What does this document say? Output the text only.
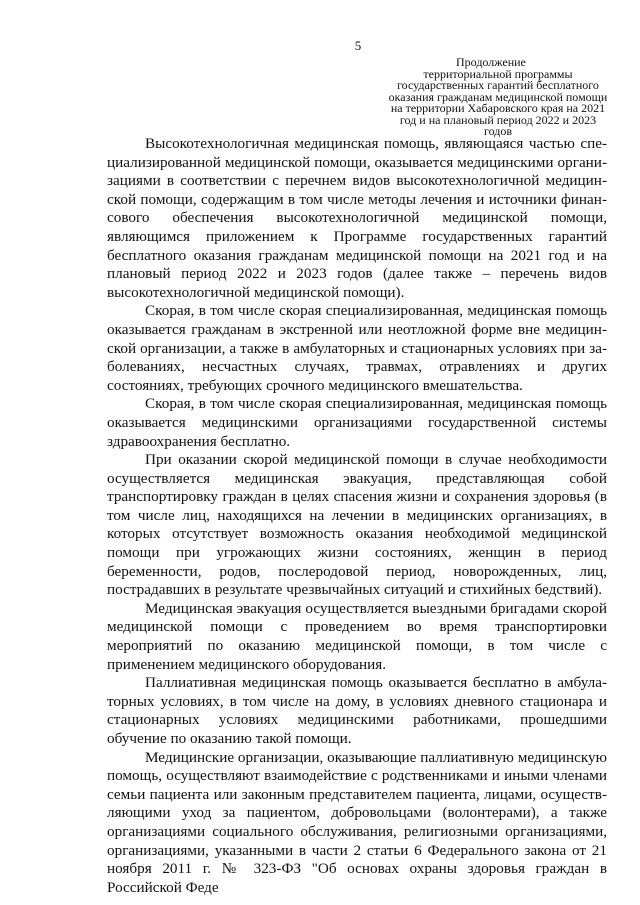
5
Продолжение
территориальной программы государственных гарантий бесплатного оказания гражданам медицинской помощи на территории Хабаровского края на 2021 год и на плановый период 2022 и 2023 годов

Высокотехнологичная медицинская помощь, являющаяся частью специализированной медицинской помощи, оказывается медицинскими организациями в соответствии с перечнем видов высокотехнологичной медицинской помощи, содержащим в том числе методы лечения и источники финансового обеспечения высокотехнологичной медицинской помощи, являющимся приложением к Программе государственных гарантий бесплатного оказания гражданам медицинской помощи на 2021 год и на плановый период 2022 и 2023 годов (далее также – перечень видов высокотехнологичной медицинской помощи).

Скорая, в том числе скорая специализированная, медицинская помощь оказывается гражданам в экстренной или неотложной форме вне медицинской организации, а также в амбулаторных и стационарных условиях при заболеваниях, несчастных случаях, травмах, отравлениях и других состояниях, требующих срочного медицинского вмешательства.

Скорая, в том числе скорая специализированная, медицинская помощь оказывается медицинскими организациями государственной системы здравоохранения бесплатно.

При оказании скорой медицинской помощи в случае необходимости осуществляется медицинская эвакуация, представляющая собой транспортировку граждан в целях спасения жизни и сохранения здоровья (в том числе лиц, находящихся на лечении в медицинских организациях, в которых отсутствует возможность оказания необходимой медицинской помощи при угрожающих жизни состояниях, женщин в период беременности, родов, послеродовой период, новорожденных, лиц, пострадавших в результате чрезвычайных ситуаций и стихийных бедствий).

Медицинская эвакуация осуществляется выездными бригадами скорой медицинской помощи с проведением во время транспортировки мероприятий по оказанию медицинской помощи, в том числе с применением медицинского оборудования.

Паллиативная медицинская помощь оказывается бесплатно в амбулаторных условиях, в том числе на дому, в условиях дневного стационара и стационарных условиях медицинскими работниками, прошедшими обучение по оказанию такой помощи.

Медицинские организации, оказывающие паллиативную медицинскую помощь, осуществляют взаимодействие с родственниками и иными членами семьи пациента или законным представителем пациента, лицами, осуществляющими уход за пациентом, добровольцами (волонтерами), а также организациями социального обслуживания, религиозными организациями, организациями, указанными в части 2 статьи 6 Федерального закона от 21 ноября 2011 г. № 323-ФЗ "Об основах охраны здоровья граждан в Российской Феде
